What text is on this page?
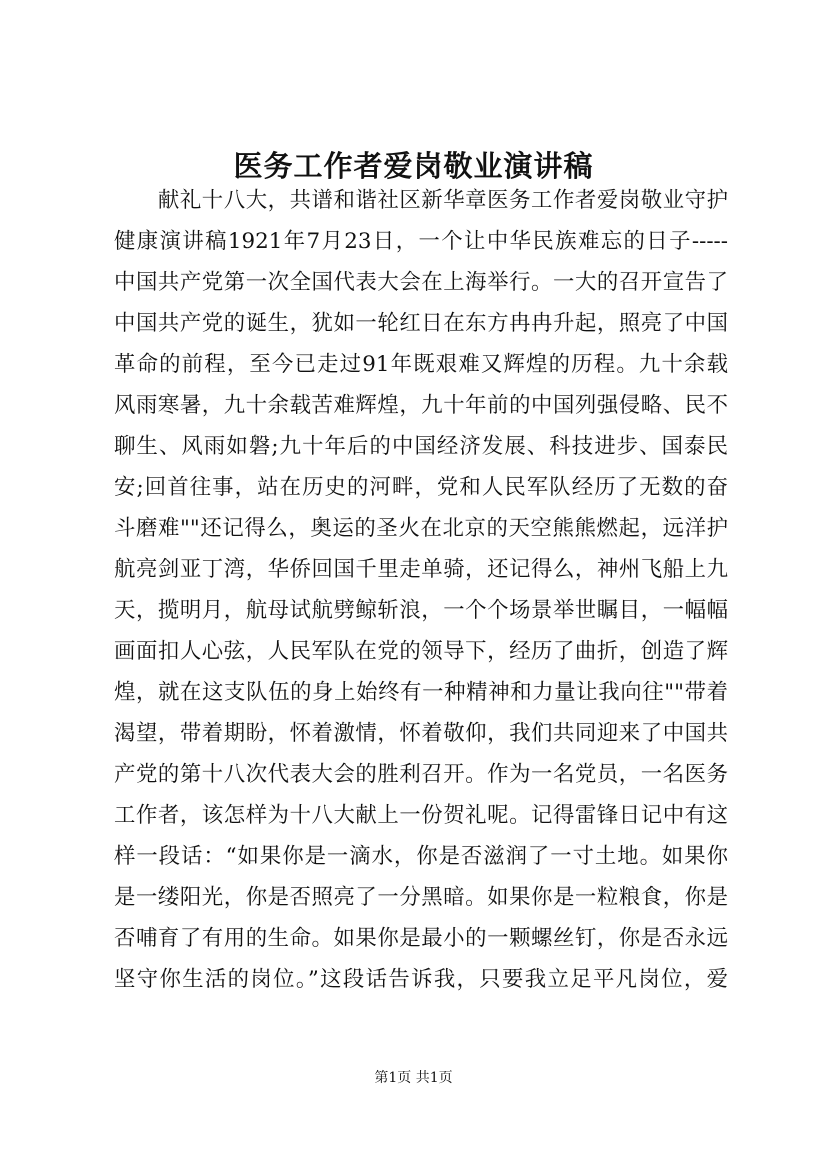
医务工作者爱岗敬业演讲稿
　　献礼十八大，共谱和谐社区新华章医务工作者爱岗敬业守护
健康演讲稿1921年7月23日，一个让中华民族难忘的日子-----
中国共产党第一次全国代表大会在上海举行。一大的召开宣告了
中国共产党的诞生，犹如一轮红日在东方冉冉升起，照亮了中国
革命的前程，至今已走过91年既艰难又辉煌的历程。九十余载
风雨寒暑，九十余载苦难辉煌，九十年前的中国列强侵略、民不
聊生、风雨如磐;九十年后的中国经济发展、科技进步、国泰民
安;回首往事，站在历史的河畔，党和人民军队经历了无数的奋
斗磨难""还记得么，奥运的圣火在北京的天空熊熊燃起，远洋护
航亮剑亚丁湾，华侨回国千里走单骑，还记得么，神州飞船上九
天，揽明月，航母试航劈鲸斩浪，一个个场景举世瞩目，一幅幅
画面扣人心弦，人民军队在党的领导下，经历了曲折，创造了辉
煌，就在这支队伍的身上始终有一种精神和力量让我向往""带着
渴望，带着期盼，怀着激情，怀着敬仰，我们共同迎来了中国共
产党的第十八次代表大会的胜利召开。作为一名党员，一名医务
工作者，该怎样为十八大献上一份贺礼呢。记得雷锋日记中有这
样一段话：“如果你是一滴水，你是否滋润了一寸土地。如果你
是一缕阳光，你是否照亮了一分黑暗。如果你是一粒粮食，你是
否哺育了有用的生命。如果你是最小的一颗螺丝钉，你是否永远
坚守你生活的岗位。”这段话告诉我，只要我立足平凡岗位，爱
第1页 共1页
